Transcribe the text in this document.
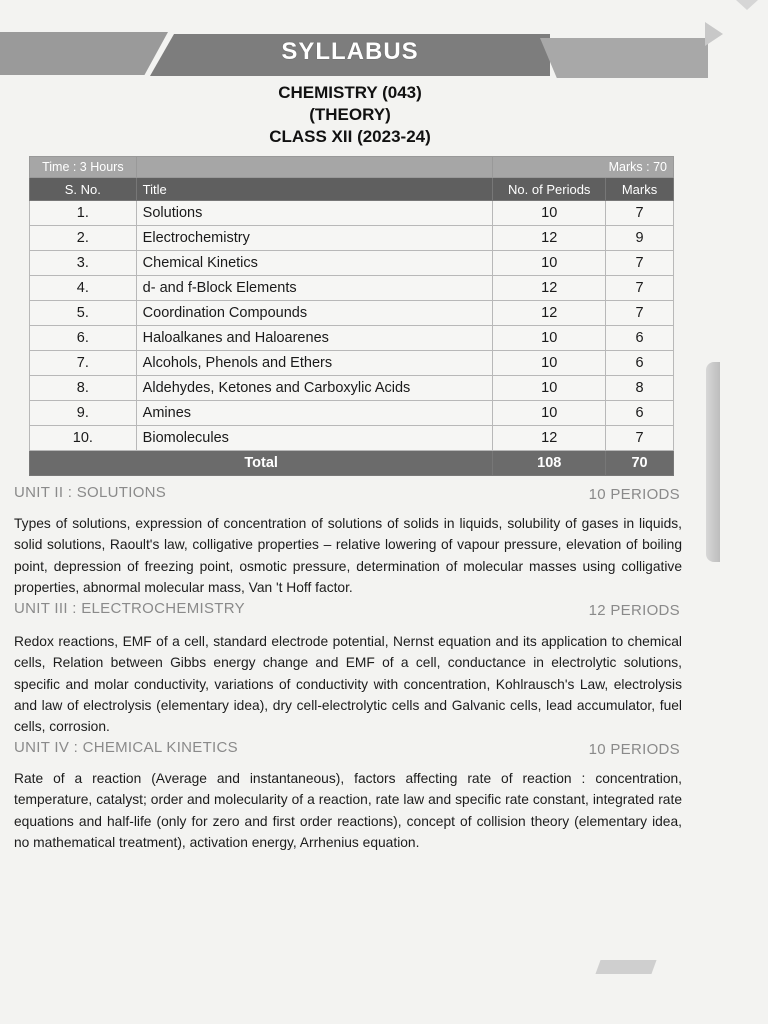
SYLLABUS
CHEMISTRY (043)
(THEORY)
CLASS XII (2023-24)
Time : 3 Hours		Marks : 70	
S. No.	Title	No. of Periods	Marks
1.	Solutions	10	7
2.	Electrochemistry	12	9
3.	Chemical Kinetics	10	7
4.	d- and f-Block Elements	12	7
5.	Coordination Compounds	12	7
6.	Haloalkanes and Haloarenes	10	6
7.	Alcohols, Phenols and Ethers	10	6
8.	Aldehydes, Ketones and Carboxylic Acids	10	8
9.	Amines	10	6
10.	Biomolecules	12	7
Total		108	70
UNIT II : SOLUTIONS	10 PERIODS
Types of solutions, expression of concentration of solutions of solids in liquids, solubility of gases in liquids, solid solutions, Raoult's law, colligative properties – relative lowering of vapour pressure, elevation of boiling point, depression of freezing point, osmotic pressure, determination of molecular masses using colligative properties, abnormal molecular mass, Van 't Hoff factor.
UNIT III : ELECTROCHEMISTRY	12 PERIODS
Redox reactions, EMF of a cell, standard electrode potential, Nernst equation and its application to chemical cells, Relation between Gibbs energy change and EMF of a cell, conductance in electrolytic solutions, specific and molar conductivity, variations of conductivity with concentration, Kohlrausch's Law, electrolysis and law of electrolysis (elementary idea), dry cell-electrolytic cells and Galvanic cells, lead accumulator, fuel cells, corrosion.
UNIT IV : CHEMICAL KINETICS	10 PERIODS
Rate of a reaction (Average and instantaneous), factors affecting rate of reaction : concentration, temperature, catalyst; order and molecularity of a reaction, rate law and specific rate constant, integrated rate equations and half-life (only for zero and first order reactions), concept of collision theory (elementary idea, no mathematical treatment), activation energy, Arrhenius equation.
